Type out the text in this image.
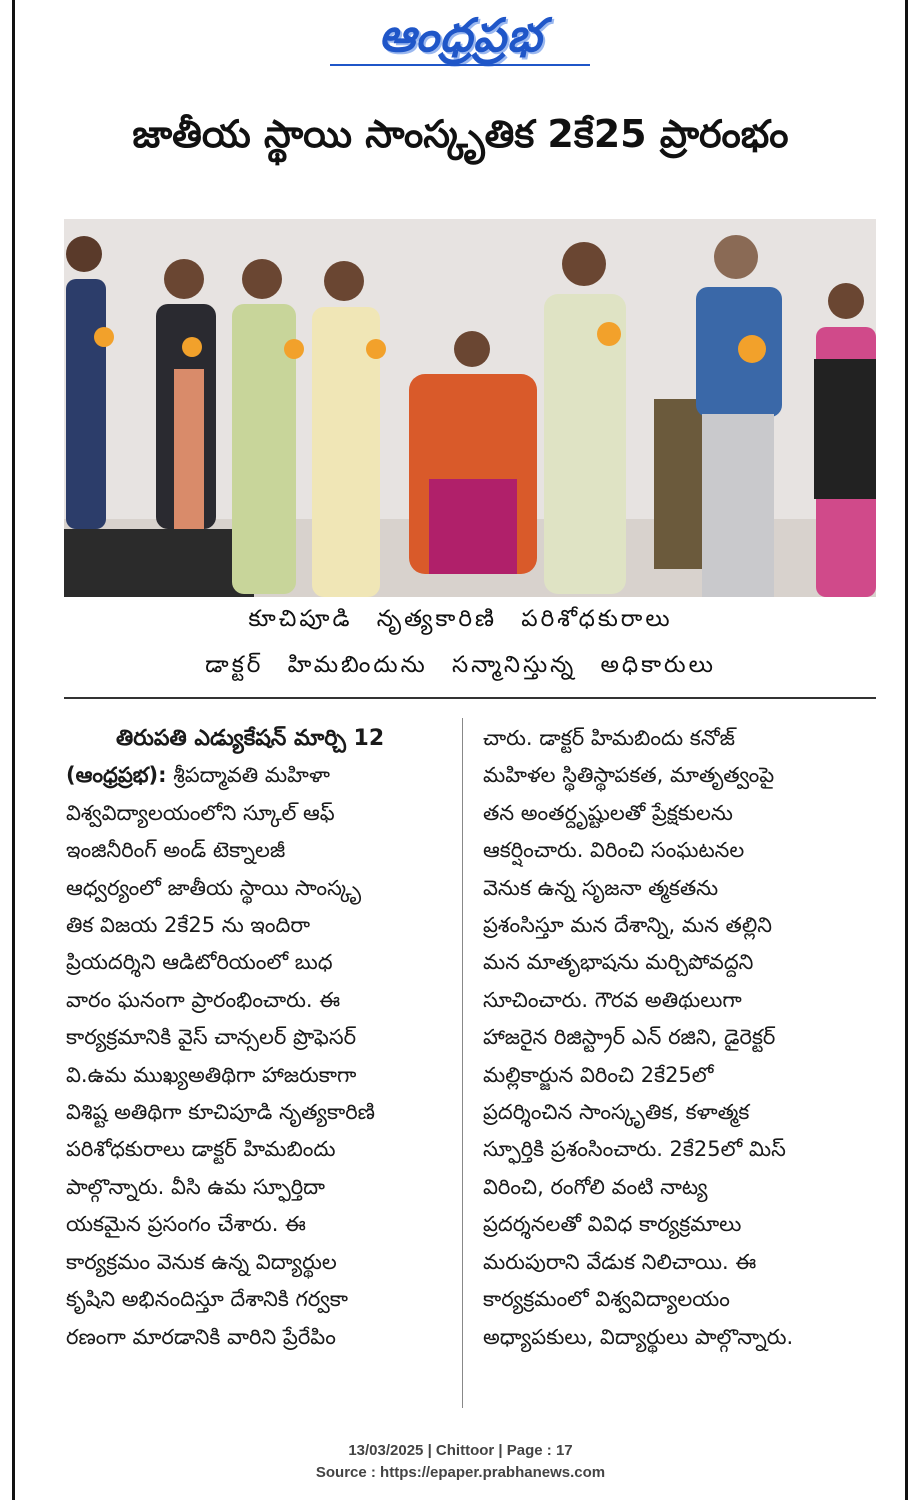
ఆంధ్రప్రభ
జాతీయ స్థాయి సాంస్కృతిక 2కే25 ప్రారంభం
కూచిపూడి నృత్యకారిణి పరిశోధకురాలు
డాక్టర్ హిమబిందును సన్మానిస్తున్న అధికారులు
తిరుపతి ఎడ్యుకేషన్ మార్చి 12
(ఆంధ్రప్రభ): శ్రీపద్మావతి మహిళా
విశ్వవిద్యాలయంలోని స్కూల్ ఆఫ్
ఇంజినీరింగ్ అండ్ టెక్నాలజీ
ఆధ్వర్యంలో జాతీయ స్థాయి సాంస్కృ
తిక విజయ 2కే25 ను ఇందిరా
ప్రియదర్శిని ఆడిటోరియంలో బుధ
వారం ఘనంగా ప్రారంభించారు. ఈ
కార్యక్రమానికి వైస్ చాన్సలర్ ప్రొఫెసర్
వి.ఉమ ముఖ్యఅతిథిగా హాజరుకాగా
విశిష్ట అతిథిగా కూచిపూడి నృత్యకారిణి
పరిశోధకురాలు డాక్టర్ హిమబిందు
పాల్గొన్నారు. వీసి ఉమ స్ఫూర్తిదా
యకమైన ప్రసంగం చేశారు. ఈ
కార్యక్రమం వెనుక ఉన్న విద్యార్థుల
కృషిని అభినందిస్తూ దేశానికి గర్వకా
రణంగా మారడానికి వారిని ప్రేరేపిం
చారు. డాక్టర్ హిమబిందు కనోజ్
మహిళల స్థితిస్థాపకత, మాతృత్వంపై
తన అంతర్దృష్టులతో ప్రేక్షకులను
ఆకర్షించారు. విరించి సంఘటనల
వెనుక ఉన్న సృజనా త్మకతను
ప్రశంసిస్తూ మన దేశాన్ని, మన తల్లిని
మన మాతృభాషను మర్చిపోవద్దని
సూచించారు. గౌరవ అతిథులుగా
హాజరైన రిజిస్ట్రార్ ఎన్ రజిని, డైరెక్టర్
మల్లికార్జున విరించి 2కే25లో
ప్రదర్శించిన సాంస్కృతిక, కళాత్మక
స్ఫూర్తికి ప్రశంసించారు. 2కే25లో మిస్
విరించి, రంగోలి వంటి నాట్య
ప్రదర్శనలతో వివిధ కార్యక్రమాలు
మరుపురాని వేడుక నిలిచాయి. ఈ
కార్యక్రమంలో విశ్వవిద్యాలయం
అధ్యాపకులు, విద్యార్థులు పాల్గొన్నారు.
13/03/2025 | Chittoor | Page : 17
Source : https://epaper.prabhanews.com
